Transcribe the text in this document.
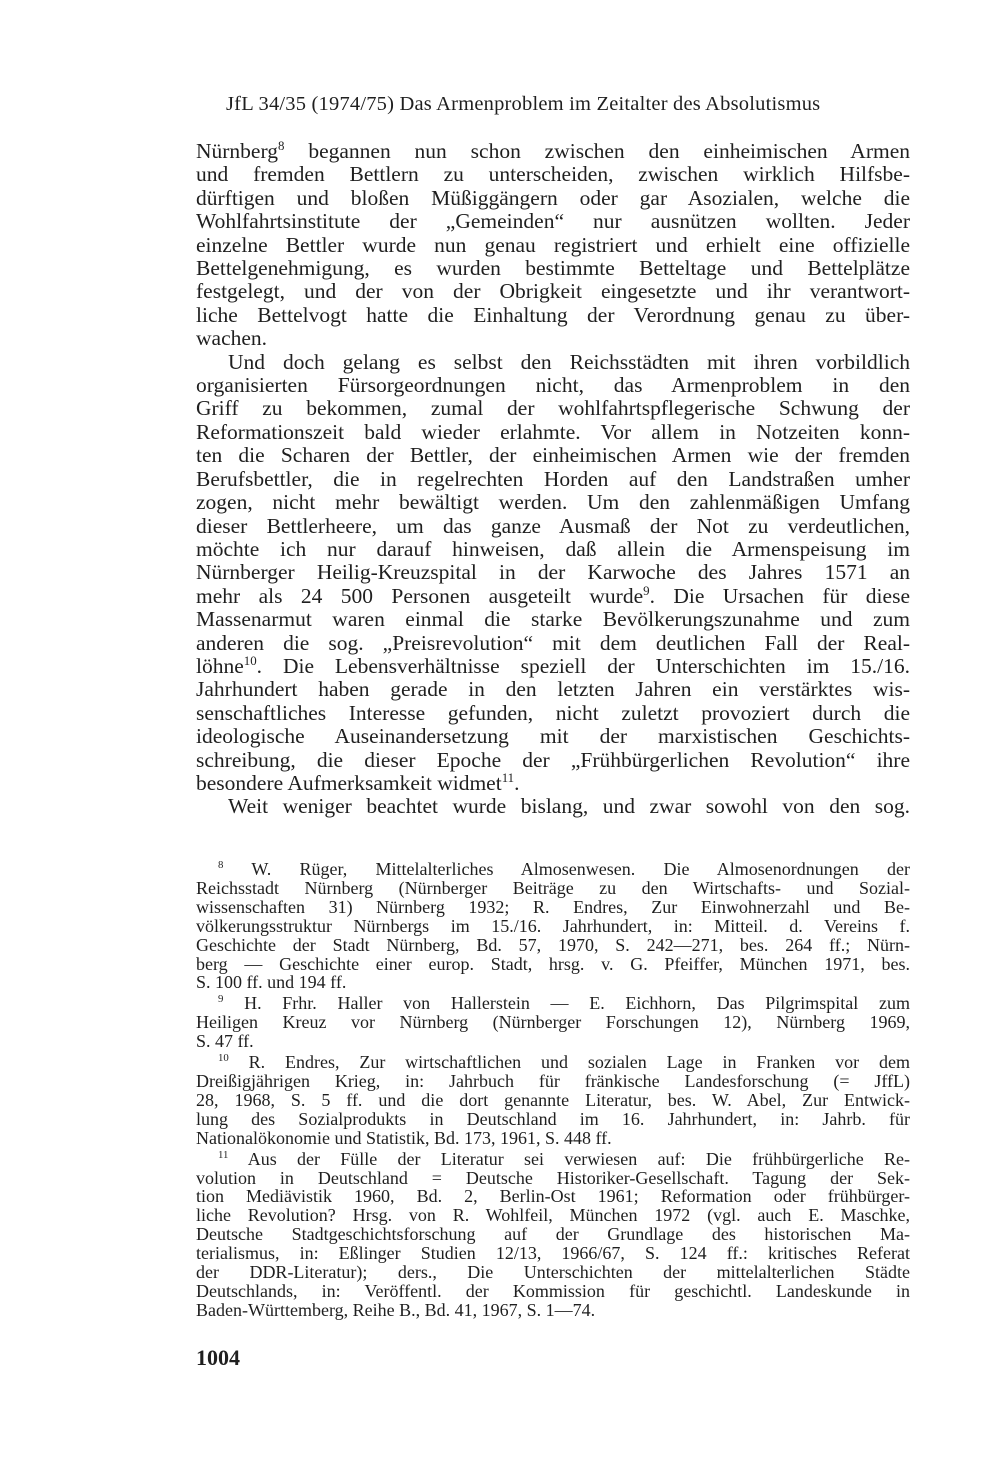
JfL 34/35 (1974/75) Das Armenproblem im Zeitalter des Absolutismus
Nürnberg$^8$ begannen nun schon zwischen den einheimischen Armen
und fremden Bettlern zu unterscheiden, zwischen wirklich Hilfsbe-
dürftigen und bloßen Müßiggängern oder gar Asozialen, welche die
Wohlfahrtsinstitute der „Gemeinden“ nur ausnützen wollten. Jeder
einzelne Bettler wurde nun genau registriert und erhielt eine offizielle
Bettelgenehmigung, es wurden bestimmte Betteltage und Bettelplätze
festgelegt, und der von der Obrigkeit eingesetzte und ihr verantwort-
liche Bettelvogt hatte die Einhaltung der Verordnung genau zu über-
wachen.
Und doch gelang es selbst den Reichsstädten mit ihren vorbildlich
organisierten Fürsorgeordnungen nicht, das Armenproblem in den
Griff zu bekommen, zumal der wohlfahrtspflegerische Schwung der
Reformationszeit bald wieder erlahmte. Vor allem in Notzeiten konn-
ten die Scharen der Bettler, der einheimischen Armen wie der fremden
Berufsbettler, die in regelrechten Horden auf den Landstraßen umher
zogen, nicht mehr bewältigt werden. Um den zahlenmäßigen Umfang
dieser Bettlerheere, um das ganze Ausmaß der Not zu verdeutlichen,
möchte ich nur darauf hinweisen, daß allein die Armenspeisung im
Nürnberger Heilig-Kreuzspital in der Karwoche des Jahres 1571 an
mehr als 24 500 Personen ausgeteilt wurde$^9$. Die Ursachen für diese
Massenarmut waren einmal die starke Bevölkerungszunahme und zum
anderen die sog. „Preisrevolution“ mit dem deutlichen Fall der Real-
löhne$^{10}$. Die Lebensverhältnisse speziell der Unterschichten im 15./16.
Jahrhundert haben gerade in den letzten Jahren ein verstärktes wis-
senschaftliches Interesse gefunden, nicht zuletzt provoziert durch die
ideologische Auseinandersetzung mit der marxistischen Geschichts-
schreibung, die dieser Epoche der „Frühbürgerlichen Revolution“ ihre
besondere Aufmerksamkeit widmet$^{11}$.
Weit weniger beachtet wurde bislang, und zwar sowohl von den sog.
$^8$ W. Rüger, Mittelalterliches Almosenwesen. Die Almosenordnungen der
Reichsstadt Nürnberg (Nürnberger Beiträge zu den Wirtschafts- und Sozial-
wissenschaften 31) Nürnberg 1932; R. Endres, Zur Einwohnerzahl und Be-
völkerungsstruktur Nürnbergs im 15./16. Jahrhundert, in: Mitteil. d. Vereins f.
Geschichte der Stadt Nürnberg, Bd. 57, 1970, S. 242—271, bes. 264 ff.; Nürn-
berg — Geschichte einer europ. Stadt, hrsg. v. G. Pfeiffer, München 1971, bes.
S. 100 ff. und 194 ff.
$^9$ H. Frhr. Haller von Hallerstein — E. Eichhorn, Das Pilgrimspital zum
Heiligen Kreuz vor Nürnberg (Nürnberger Forschungen 12), Nürnberg 1969,
S. 47 ff.
$^{10}$ R. Endres, Zur wirtschaftlichen und sozialen Lage in Franken vor dem
Dreißigjährigen Krieg, in: Jahrbuch für fränkische Landesforschung (= JffL)
28, 1968, S. 5 ff. und die dort genannte Literatur, bes. W. Abel, Zur Entwick-
lung des Sozialprodukts in Deutschland im 16. Jahrhundert, in: Jahrb. für
Nationalökonomie und Statistik, Bd. 173, 1961, S. 448 ff.
$^{11}$ Aus der Fülle der Literatur sei verwiesen auf: Die frühbürgerliche Re-
volution in Deutschland = Deutsche Historiker-Gesellschaft. Tagung der Sek-
tion Mediävistik 1960, Bd. 2, Berlin-Ost 1961; Reformation oder frühbürger-
liche Revolution? Hrsg. von R. Wohlfeil, München 1972 (vgl. auch E. Maschke,
Deutsche Stadtgeschichtsforschung auf der Grundlage des historischen Ma-
terialismus, in: Eßlinger Studien 12/13, 1966/67, S. 124 ff.: kritisches Referat
der DDR-Literatur); ders., Die Unterschichten der mittelalterlichen Städte
Deutschlands, in: Veröffentl. der Kommission für geschichtl. Landeskunde in
Baden-Württemberg, Reihe B., Bd. 41, 1967, S. 1—74.
1004
